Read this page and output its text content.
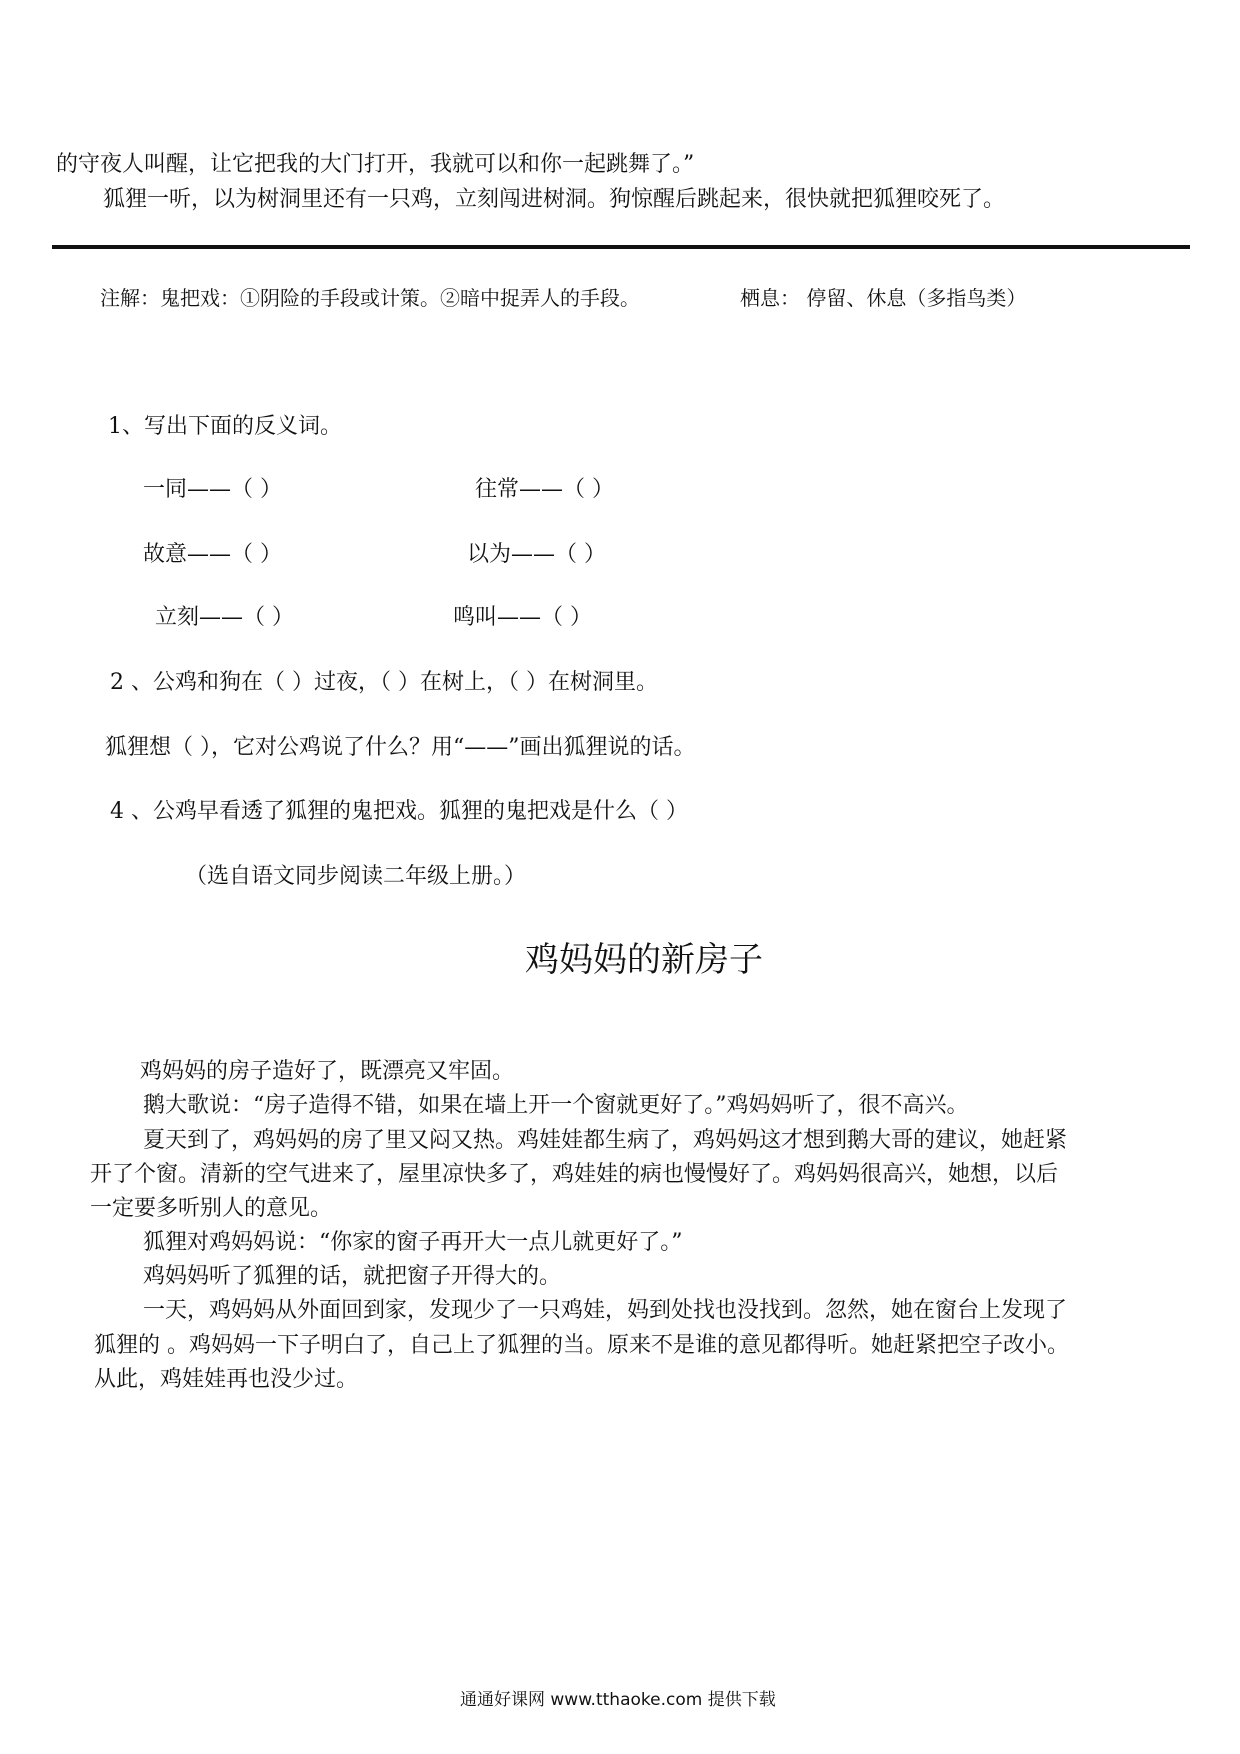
的守夜人叫醒，让它把我的大门打开，我就可以和你一起跳舞了。”
狐狸一听，以为树洞里还有一只鸡，立刻闯进树洞。狗惊醒后跳起来，很快就把狐狸咬死了。
注解：鬼把戏：①阴险的手段或计策。②暗中捉弄人的手段。	栖息： 停留、休息（多指鸟类）
1、写出下面的反义词。
一同——（ ）	往常——（ ）
故意——（ ）	以为——（ ）
立刻——（ ）	鸣叫——（ ）
2 、公鸡和狗在（ ）过夜，（ ）在树上，（ ）在树洞里。
狐狸想（ ），它对公鸡说了什么？用“——”画出狐狸说的话。
4 、公鸡早看透了狐狸的鬼把戏。狐狸的鬼把戏是什么（ ）
（选自语文同步阅读二年级上册。）
鸡妈妈的新房子
鸡妈妈的房子造好了，既漂亮又牢固。
鹅大歌说：“房子造得不错，如果在墙上开一个窗就更好了。”鸡妈妈听了，很不高兴。
夏天到了，鸡妈妈的房了里又闷又热。鸡娃娃都生病了，鸡妈妈这才想到鹅大哥的建议，她赶紧
开了个窗。清新的空气进来了，屋里凉快多了，鸡娃娃的病也慢慢好了。鸡妈妈很高兴，她想，以后
一定要多听别人的意见。
狐狸对鸡妈妈说：“你家的窗子再开大一点儿就更好了。”
鸡妈妈听了狐狸的话，就把窗子开得大的。
一天，鸡妈妈从外面回到家，发现少了一只鸡娃，妈到处找也没找到。忽然，她在窗台上发现了
狐狸的 。鸡妈妈一下子明白了，自己上了狐狸的当。原来不是谁的意见都得听。她赶紧把空子改小。
从此，鸡娃娃再也没少过。
通通好课网 www.tthaoke.com 提供下载
